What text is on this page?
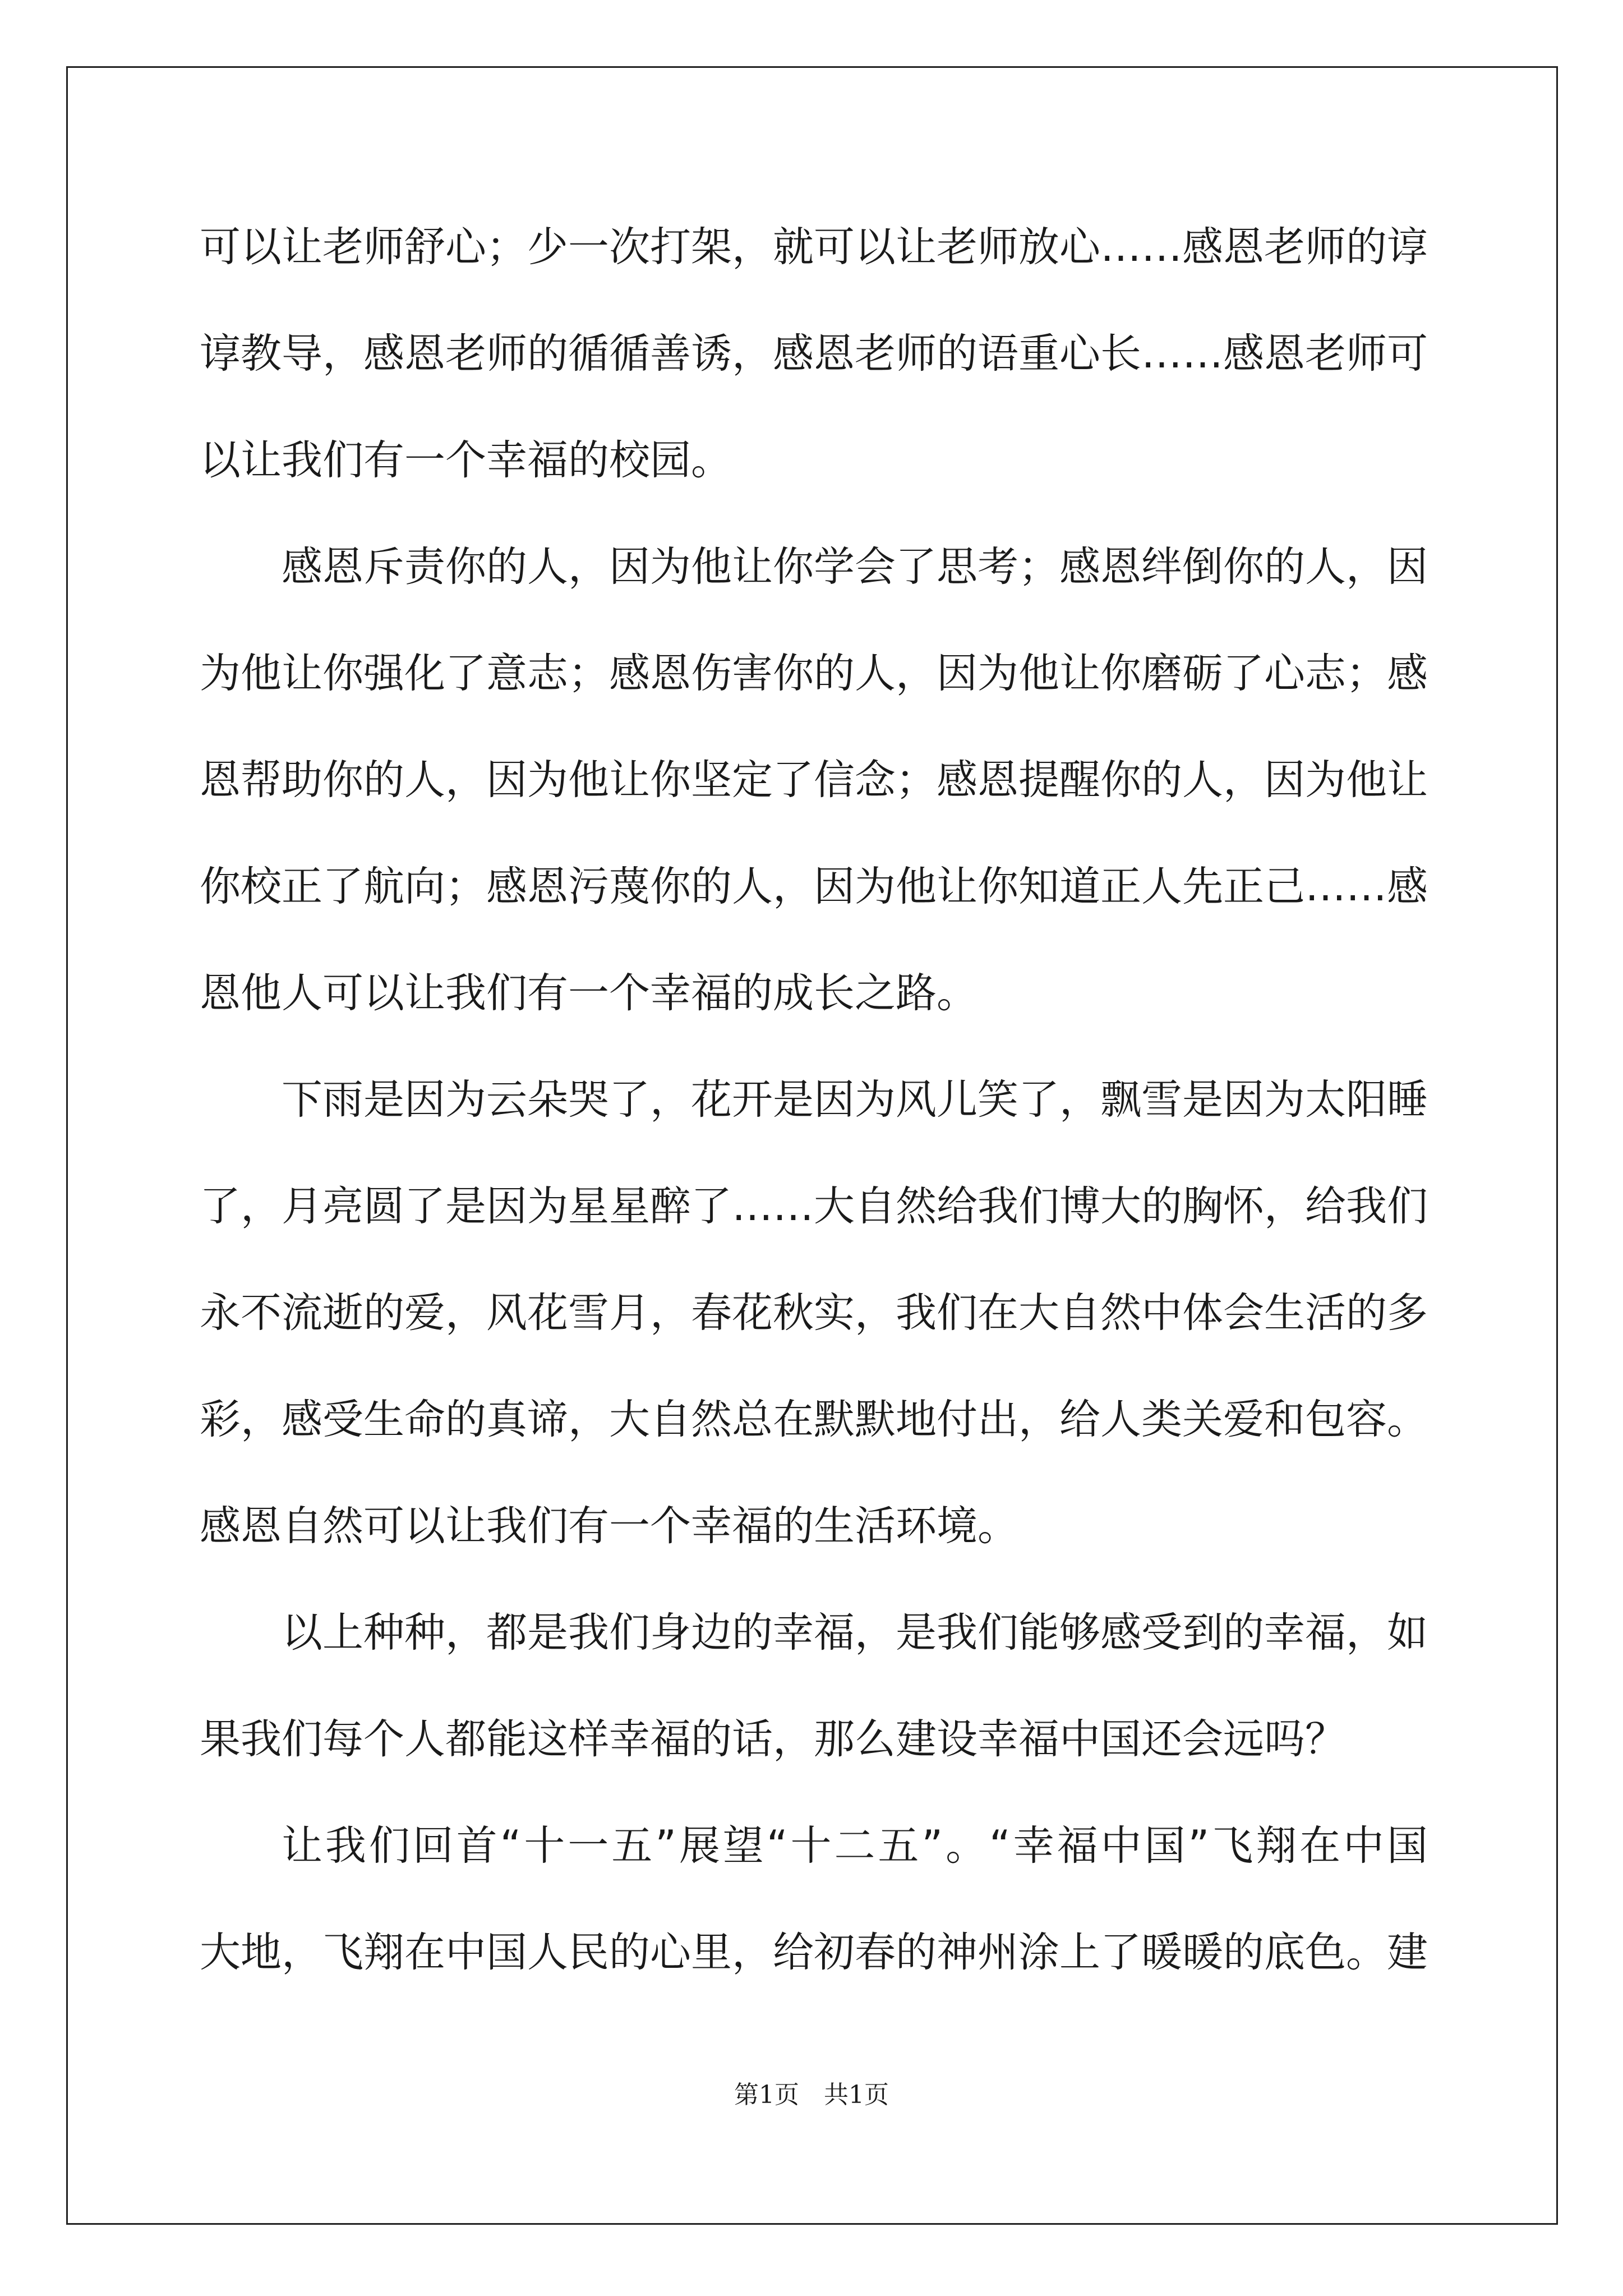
可以让老师舒心；少一次打架，就可以让老师放心……感恩老师的谆

谆教导，感恩老师的循循善诱，感恩老师的语重心长……感恩老师可

以让我们有一个幸福的校园。

感恩斥责你的人，因为他让你学会了思考；感恩绊倒你的人，因

为他让你强化了意志；感恩伤害你的人，因为他让你磨砺了心志；感

恩帮助你的人，因为他让你坚定了信念；感恩提醒你的人，因为他让

你校正了航向；感恩污蔑你的人，因为他让你知道正人先正己……感

恩他人可以让我们有一个幸福的成长之路。

下雨是因为云朵哭了，花开是因为风儿笑了，飘雪是因为太阳睡

了，月亮圆了是因为星星醉了……大自然给我们博大的胸怀，给我们

永不流逝的爱，风花雪月，春花秋实，我们在大自然中体会生活的多

彩，感受生命的真谛，大自然总在默默地付出，给人类关爱和包容。

感恩自然可以让我们有一个幸福的生活环境。

以上种种，都是我们身边的幸福，是我们能够感受到的幸福，如

果我们每个人都能这样幸福的话，那么建设幸福中国还会远吗？

让我们回首“十一五”展望“十二五”。“幸福中国”飞翔在中国

大地，飞翔在中国人民的心里，给初春的神州涂上了暖暖的底色。建

第1页　共1页
